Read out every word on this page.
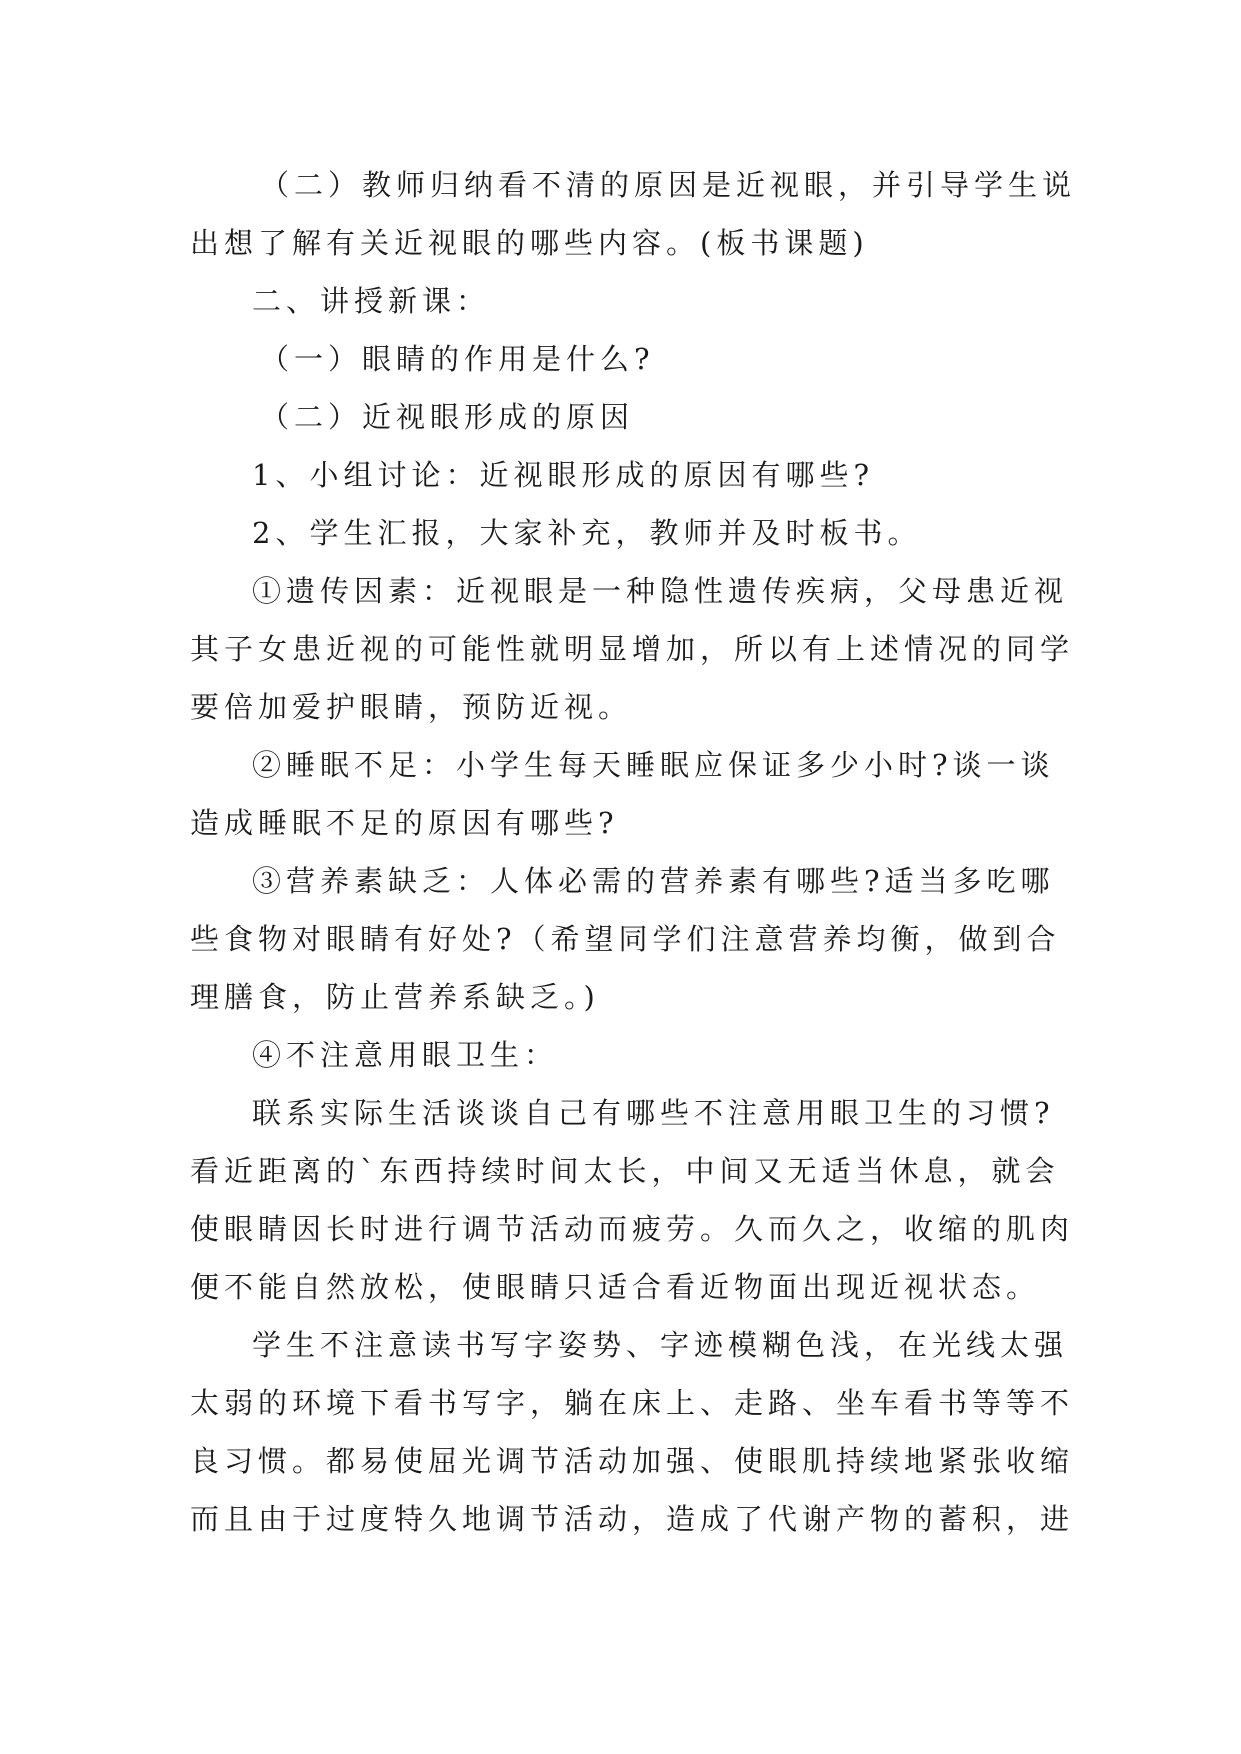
（二）教师归纳看不清的原因是近视眼，并引导学生说

出想了解有关近视眼的哪些内容。(板书课题)

二、讲授新课：

（一）眼睛的作用是什么?

（二）近视眼形成的原因

1、小组讨论：近视眼形成的原因有哪些?

2、学生汇报，大家补充，教师并及时板书。

①遗传因素：近视眼是一种隐性遗传疾病，父母患近视

其子女患近视的可能性就明显增加，所以有上述情况的同学

要倍加爱护眼睛，预防近视。

②睡眠不足：小学生每天睡眠应保证多少小时?谈一谈

造成睡眠不足的原因有哪些?

③营养素缺乏：人体必需的营养素有哪些?适当多吃哪

些食物对眼睛有好处?（希望同学们注意营养均衡，做到合

理膳食，防止营养系缺乏。)

④不注意用眼卫生：

联系实际生活谈谈自己有哪些不注意用眼卫生的习惯?

看近距离的`东西持续时间太长，中间又无适当休息，就会

使眼睛因长时进行调节活动而疲劳。久而久之，收缩的肌肉

便不能自然放松，使眼睛只适合看近物面出现近视状态。

学生不注意读书写字姿势、字迹模糊色浅，在光线太强

太弱的环境下看书写字，躺在床上、走路、坐车看书等等不

良习惯。都易使屈光调节活动加强、使眼肌持续地紧张收缩

而且由于过度特久地调节活动，造成了代谢产物的蓄积，进
